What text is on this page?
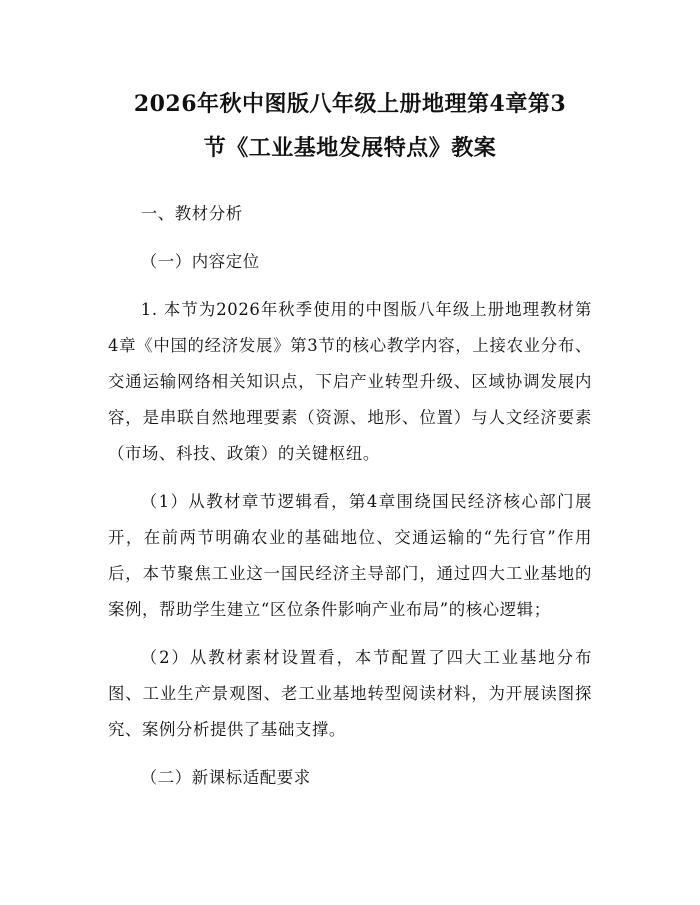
2026年秋中图版八年级上册地理第4章第3
节《工业基地发展特点》教案

一、教材分析

（一）内容定位

1. 本节为2026年秋季使用的中图版八年级上册地理教材第4章《中国的经济发展》第3节的核心教学内容，上接农业分布、交通运输网络相关知识点，下启产业转型升级、区域协调发展内容，是串联自然地理要素（资源、地形、位置）与人文经济要素（市场、科技、政策）的关键枢纽。

（1）从教材章节逻辑看，第4章围绕国民经济核心部门展开，在前两节明确农业的基础地位、交通运输的“先行官”作用后，本节聚焦工业这一国民经济主导部门，通过四大工业基地的案例，帮助学生建立“区位条件影响产业布局”的核心逻辑；

（2）从教材素材设置看，本节配置了四大工业基地分布图、工业生产景观图、老工业基地转型阅读材料，为开展读图探究、案例分析提供了基础支撑。

（二）新课标适配要求
